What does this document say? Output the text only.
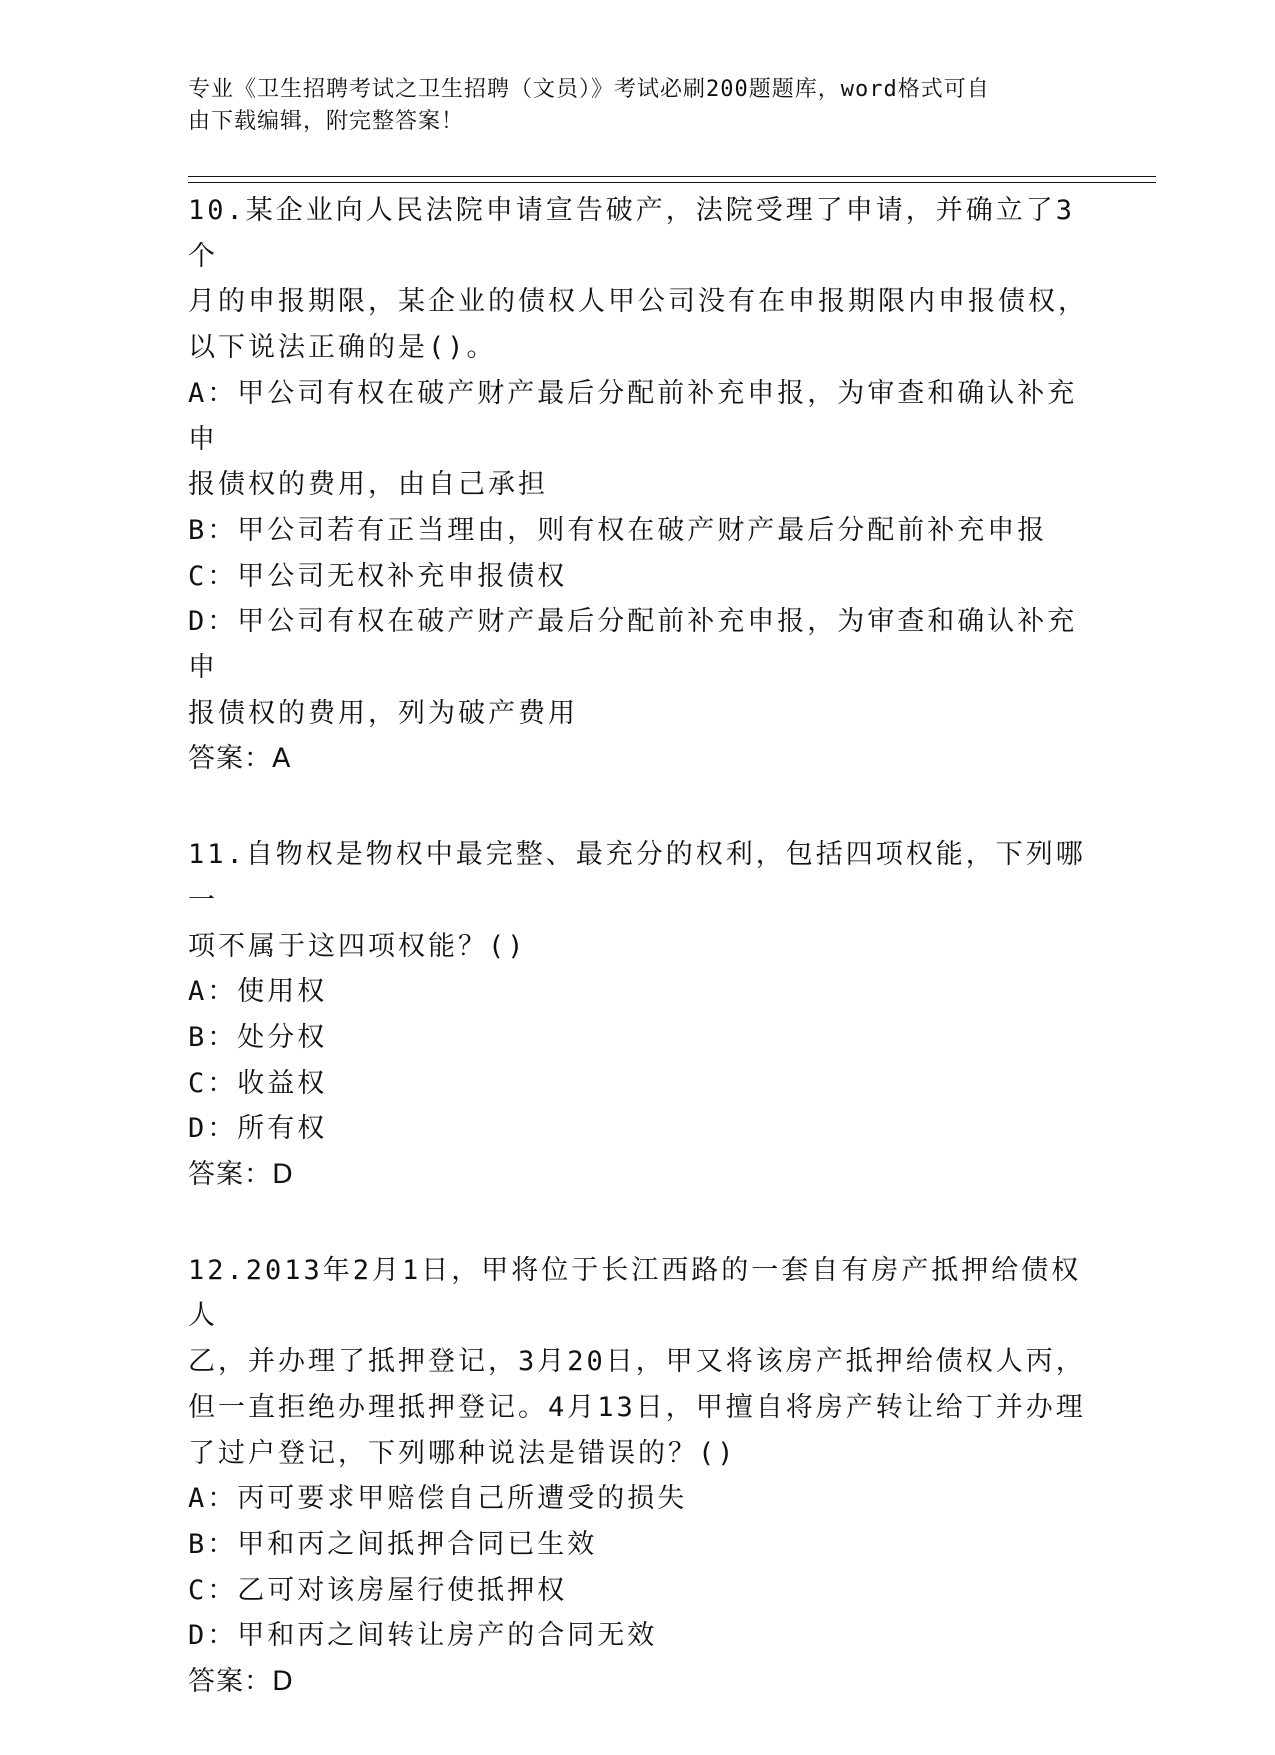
专业《卫生招聘考试之卫生招聘（文员）》考试必刷200题题库，word格式可自
由下载编辑，附完整答案！

10.某企业向人民法院申请宣告破产，法院受理了申请，并确立了3个

月的申报期限，某企业的债权人甲公司没有在申报期限内申报债权，

以下说法正确的是()。

A：甲公司有权在破产财产最后分配前补充申报，为审查和确认补充申

报债权的费用，由自己承担

B：甲公司若有正当理由，则有权在破产财产最后分配前补充申报

C：甲公司无权补充申报债权

D：甲公司有权在破产财产最后分配前补充申报，为审查和确认补充申

报债权的费用，列为破产费用

答案：A

11.自物权是物权中最完整、最充分的权利，包括四项权能，下列哪一

项不属于这四项权能？()

A：使用权

B：处分权

C：收益权

D：所有权

答案：D

12.2013年2月1日，甲将位于长江西路的一套自有房产抵押给债权人

乙，并办理了抵押登记，3月20日，甲又将该房产抵押给债权人丙，

但一直拒绝办理抵押登记。4月13日，甲擅自将房产转让给丁并办理

了过户登记，下列哪种说法是错误的？()

A：丙可要求甲赔偿自己所遭受的损失

B：甲和丙之间抵押合同已生效

C：乙可对该房屋行使抵押权

D：甲和丙之间转让房产的合同无效

答案：D
